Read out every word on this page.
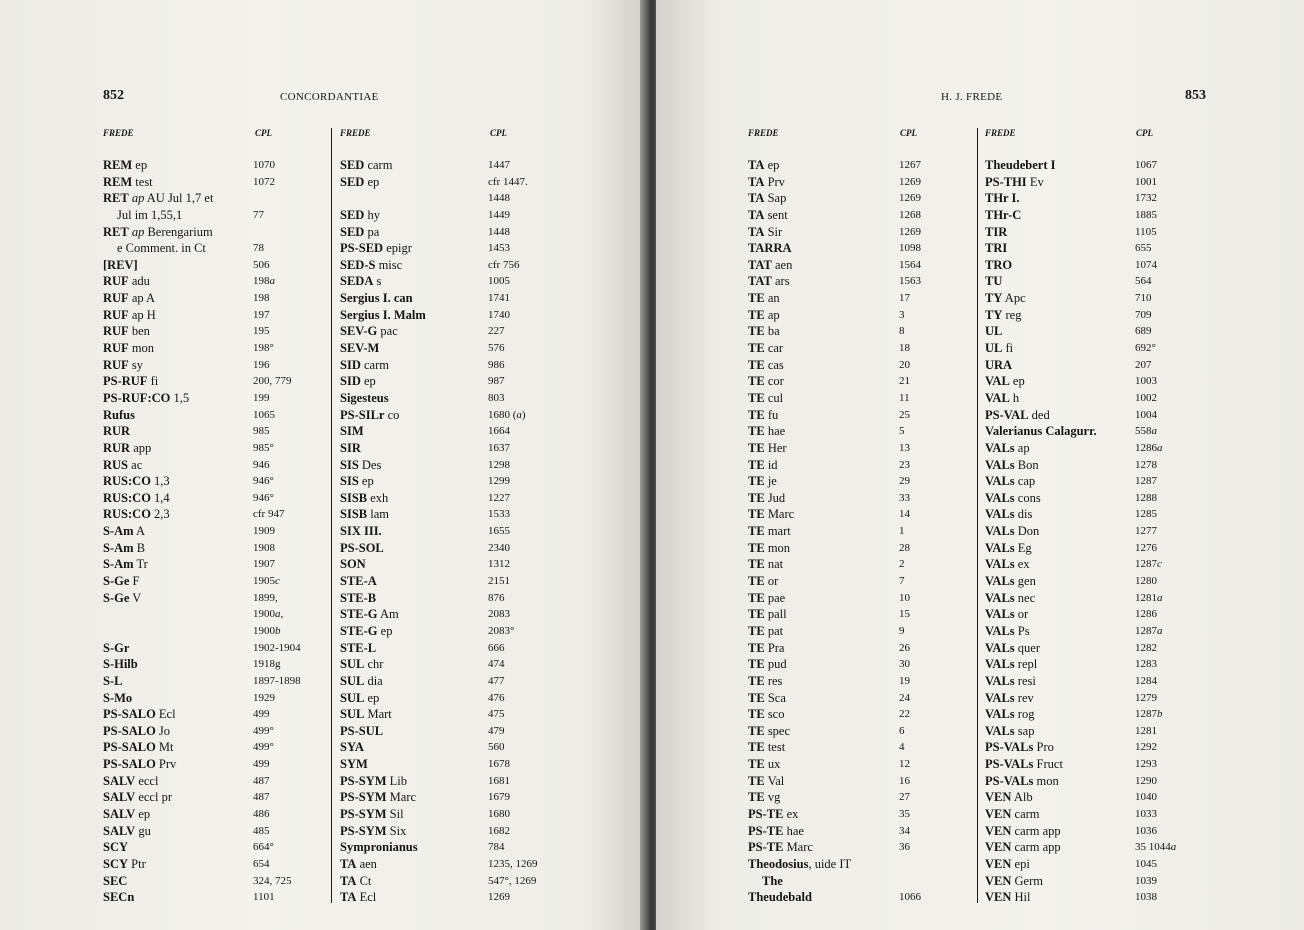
852	CONCORDANTIAE
FREDE	CPL	FREDE	CPL
REM ep	1070
REM test	1072
RET ap AU Jul 1,7 et
Jul im 1,55,1	77
RET ap Berengarium
e Comment. in Ct	78
[REV]	506
RUF adu	198a
RUF ap A	198
RUF ap H	197
RUF ben	195
RUF mon	198°
RUF sy	196
PS-RUF fi	200, 779
PS-RUF:CO 1,5	199
Rufus	1065
RUR	985
RUR app	985°
RUS ac	946
RUS:CO 1,3	946°
RUS:CO 1,4	946°
RUS:CO 2,3	cfr 947
S-Am A	1909
S-Am B	1908
S-Am Tr	1907
S-Ge F	1905c
S-Ge V	1899,
1900a,
1900b
S-Gr	1902-1904
S-Hilb	1918g
S-L	1897-1898
S-Mo	1929
PS-SALO Ecl	499
PS-SALO Jo	499°
PS-SALO Mt	499°
PS-SALO Prv	499
SALV eccl	487
SALV eccl pr	487
SALV ep	486
SALV gu	485
SCY	664°
SCY Ptr	654
SEC	324, 725
SECn	1101
SED carm	1447
SED ep	cfr 1447.
1448
SED hy	1449
SED pa	1448
PS-SED epigr	1453
SED-S misc	cfr 756
SEDA s	1005
Sergius I. can	1741
Sergius I. Malm	1740
SEV-G pac	227
SEV-M	576
SID carm	986
SID ep	987
Sigesteus	803
PS-SILr co	1680 (a)
SIM	1664
SIR	1637
SIS Des	1298
SIS ep	1299
SISB exh	1227
SISB lam	1533
SIX III.	1655
PS-SOL	2340
SON	1312
STE-A	2151
STE-B	876
STE-G Am	2083
STE-G ep	2083°
STE-L	666
SUL chr	474
SUL dia	477
SUL ep	476
SUL Mart	475
PS-SUL	479
SYA	560
SYM	1678
PS-SYM Lib	1681
PS-SYM Marc	1679
PS-SYM Sil	1680
PS-SYM Six	1682
Sympronianus	784
TA aen	1235, 1269
TA Ct	547°, 1269
TA Ecl	1269
853
H. J. FREDE
FREDE	CPL	FREDE	CPL
TA ep	1267
TA Prv	1269
TA Sap	1269
TA sent	1268
TA Sir	1269
TARRA	1098
TAT aen	1564
TAT ars	1563
TE an	17
TE ap	3
TE ba	8
TE car	18
TE cas	20
TE cor	21
TE cul	11
TE fu	25
TE hae	5
TE Her	13
TE id	23
TE je	29
TE Jud	33
TE Marc	14
TE mart	1
TE mon	28
TE nat	2
TE or	7
TE pae	10
TE pall	15
TE pat	9
TE Pra	26
TE pud	30
TE res	19
TE Sca	24
TE sco	22
TE spec	6
TE test	4
TE ux	12
TE Val	16
TE vg	27
PS-TE ex	35
PS-TE hae	34
PS-TE Marc	36
Theodosius, uide IT
The
Theudebald	1066
Theudebert I	1067
PS-THI Ev	1001
THr I.	1732
THr-C	1885
TIR	1105
TRI	655
TRO	1074
TU	564
TY Apc	710
TY reg	709
UL	689
UL fi	692°
URA	207
VAL ep	1003
VAL h	1002
PS-VAL ded	1004
Valerianus Calagurr.	558a
VALs ap	1286a
VALs Bon	1278
VALs cap	1287
VALs cons	1288
VALs dis	1285
VALs Don	1277
VALs Eg	1276
VALs ex	1287c
VALs gen	1280
VALs nec	1281a
VALs or	1286
VALs Ps	1287a
VALs quer	1282
VALs repl	1283
VALs resi	1284
VALs rev	1279
VALs rog	1287b
VALs sap	1281
PS-VALs Pro	1292
PS-VALs Fruct	1293
PS-VALs mon	1290
VEN Alb	1040
VEN carm	1033
VEN carm app	1036
VEN carm app	35 1044a
VEN epi	1045
VEN Germ	1039
VEN Hil	1038
